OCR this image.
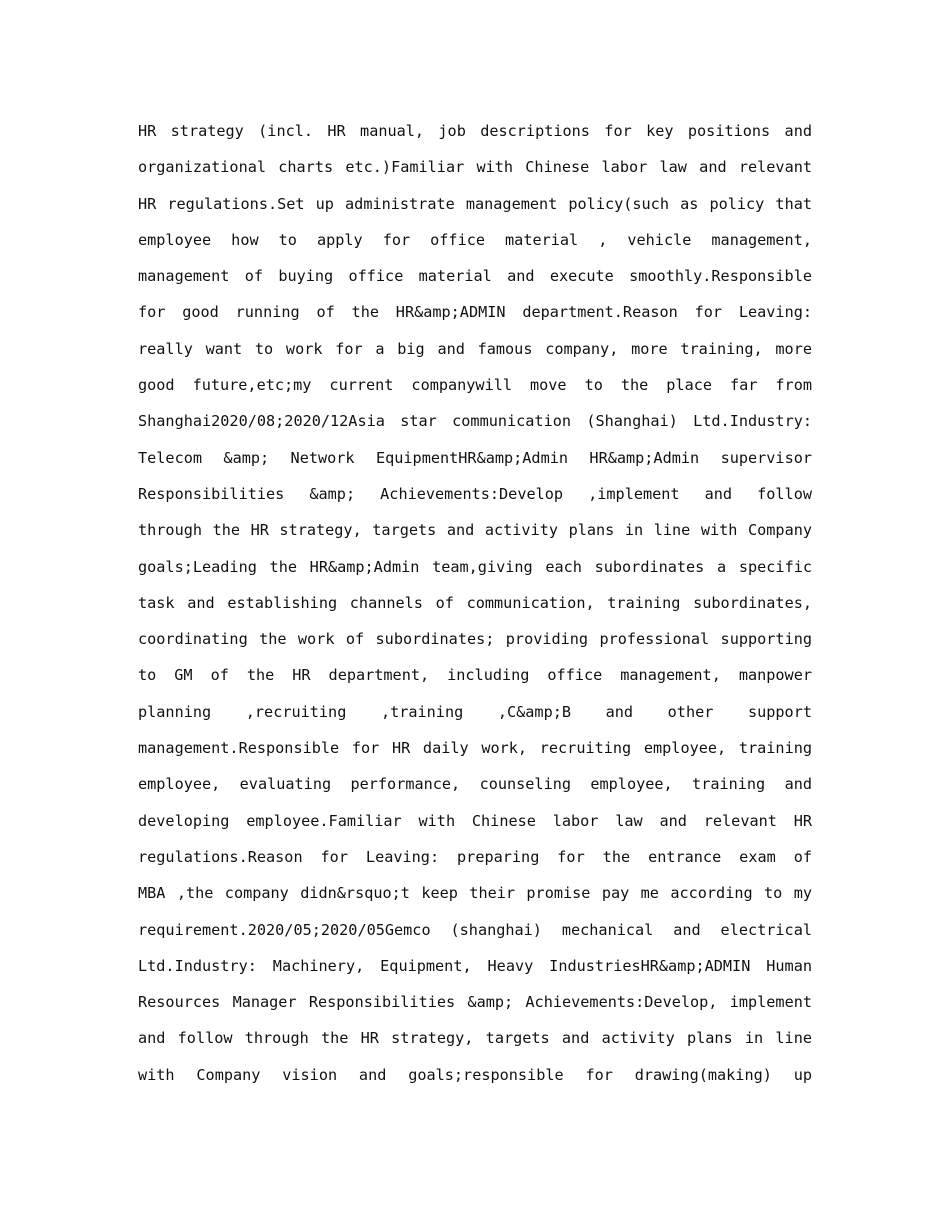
HR strategy (incl. HR manual, job descriptions for key positions and
organizational charts etc.)Familiar with Chinese labor law and relevant
HR regulations.Set up administrate management policy(such as policy that
employee how to apply for office material , vehicle management,
management of buying office material and execute smoothly.Responsible
for good running of the HR&amp;ADMIN department.Reason for Leaving:
really want to work for a big and famous company, more training, more
good future,etc;my current companywill move to the place far from
Shanghai2020/08;2020/12Asia star communication (Shanghai) Ltd.Industry:
Telecom &amp; Network EquipmentHR&amp;Admin HR&amp;Admin supervisor
Responsibilities &amp; Achievements:Develop ,implement and follow
through the HR strategy, targets and activity plans in line with Company
goals;Leading the HR&amp;Admin team,giving each subordinates a specific
task and establishing channels of communication, training subordinates,
coordinating the work of subordinates; providing professional supporting
to GM of the HR department, including office management, manpower
planning ,recruiting ,training ,C&amp;B and other support
management.Responsible for HR daily work, recruiting employee, training
employee, evaluating performance, counseling employee, training and
developing employee.Familiar with Chinese labor law and relevant HR
regulations.Reason for Leaving: preparing for the entrance exam of
MBA ,the company didn&rsquo;t keep their promise pay me according to my
requirement.2020/05;2020/05Gemco (shanghai) mechanical and electrical
Ltd.Industry: Machinery, Equipment, Heavy IndustriesHR&amp;ADMIN Human
Resources Manager Responsibilities &amp; Achievements:Develop, implement
and follow through the HR strategy, targets and activity plans in line
with Company vision and goals;responsible for drawing(making) up
